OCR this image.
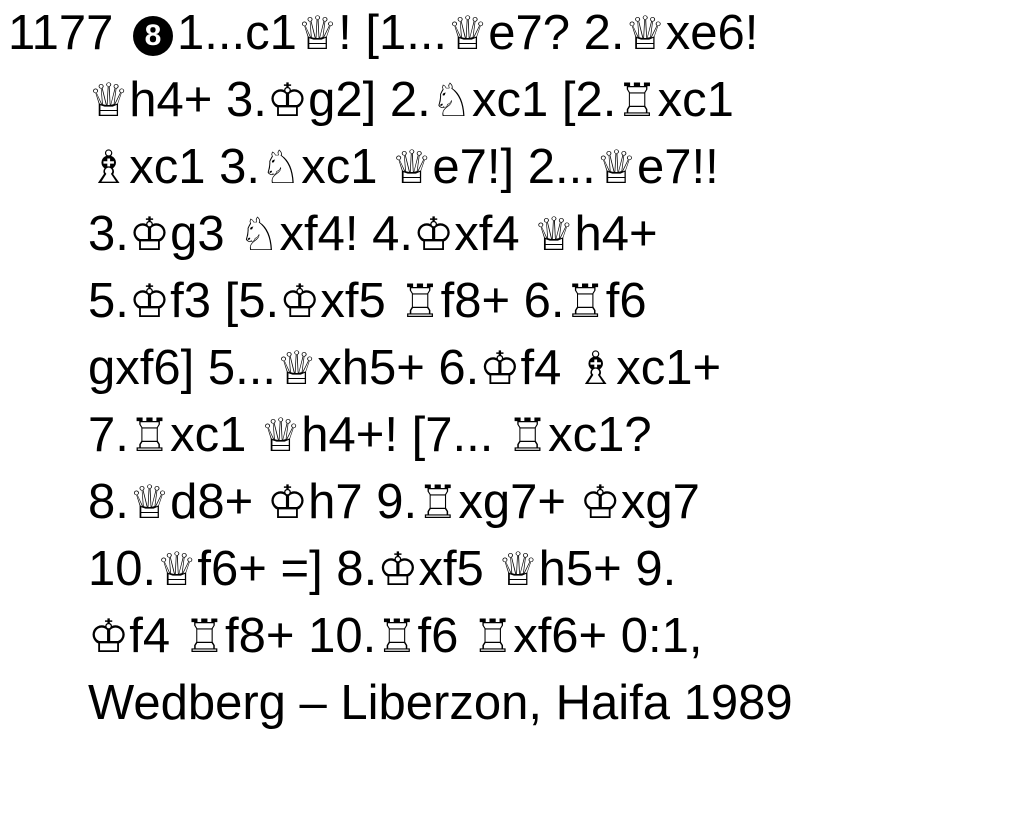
1177 8 1...c1♕! [1...♕e7? 2.♕xe6!
♕h4+ 3.♔g2] 2.♘xc1 [2.♖xc1
♗xc1 3.♘xc1 ♕e7!] 2...♕e7!!
3.♔g3 ♘xf4! 4.♔xf4 ♕h4+
5.♔f3 [5.♔xf5 ♖f8+ 6.♖f6
gxf6] 5...♕xh5+ 6.♔f4 ♗xc1+
7.♖xc1 ♕h4+! [7... ♖xc1?
8.♕d8+ ♔h7 9.♖xg7+ ♔xg7
10.♕f6+ =] 8.♔xf5 ♕h5+ 9.
♔f4 ♖f8+ 10.♖f6 ♖xf6+ 0:1,
Wedberg – Liberzon, Haifa 1989
